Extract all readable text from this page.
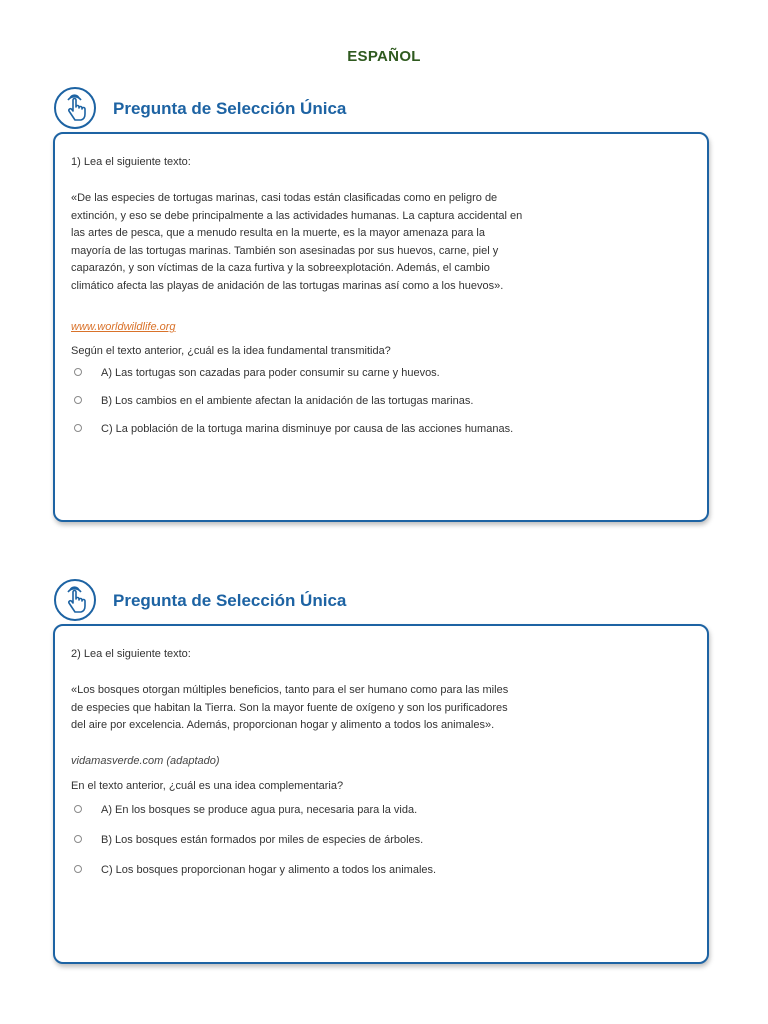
ESPAÑOL
Pregunta de Selección Única

1) Lea el siguiente texto:

«De las especies de tortugas marinas, casi todas están clasificadas como en peligro de extinción, y eso se debe principalmente a las actividades humanas. La captura accidental en las artes de pesca, que a menudo resulta en la muerte, es la mayor amenaza para la mayoría de las tortugas marinas. También son asesinadas por sus huevos, carne, piel y caparazón, y son víctimas de la caza furtiva y la sobreexplotación. Además, el cambio climático afecta las playas de anidación de las tortugas marinas así como a los huevos».

www.worldwildlife.org

Según el texto anterior, ¿cuál es la idea fundamental transmitida?

A) Las tortugas son cazadas para poder consumir su carne y huevos.
B) Los cambios en el ambiente afectan la anidación de las tortugas marinas.
C) La población de la tortuga marina disminuye por causa de las acciones humanas.
Pregunta de Selección Única

2) Lea el siguiente texto:

«Los bosques otorgan múltiples beneficios, tanto para el ser humano como para las miles de especies que habitan la Tierra. Son la mayor fuente de oxígeno y son los purificadores del aire por excelencia. Además, proporcionan hogar y alimento a todos los animales».

vidamasverde.com (adaptado)

En el texto anterior, ¿cuál es una idea complementaria?

A) En los bosques se produce agua pura, necesaria para la vida.
B) Los bosques están formados por miles de especies de árboles.
C) Los bosques proporcionan hogar y alimento a todos los animales.
